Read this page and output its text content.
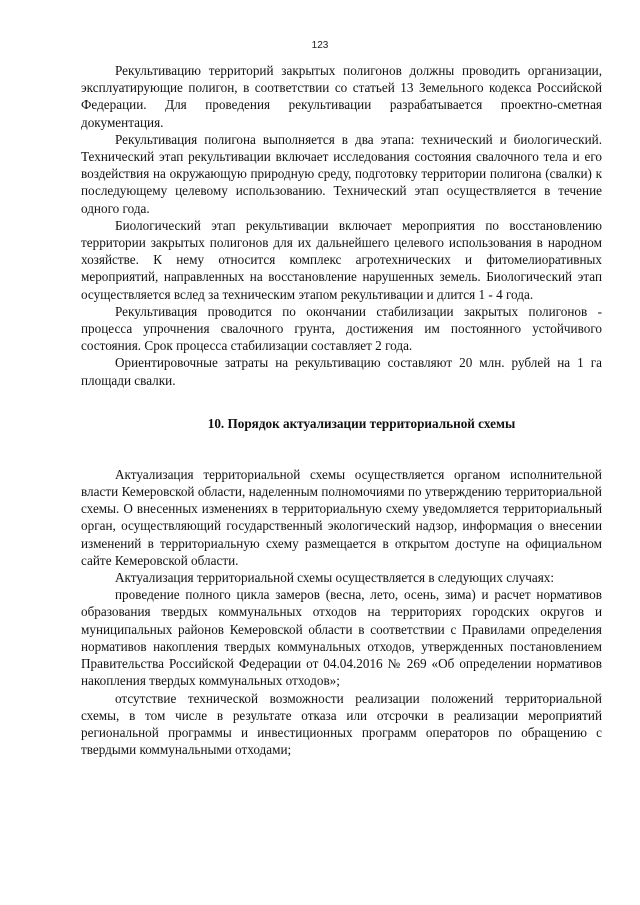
123

Рекультивацию территорий закрытых полигонов должны проводить организации, эксплуатирующие полигон, в соответствии со статьей 13 Земельного кодекса Российской Федерации. Для проведения рекультивации разрабатывается проектно-сметная документация.

Рекультивация полигона выполняется в два этапа: технический и биологический. Технический этап рекультивации включает исследования состояния свалочного тела и его воздействия на окружающую природную среду, подготовку территории полигона (свалки) к последующему целевому использованию. Технический этап осуществляется в течение одного года.

Биологический этап рекультивации включает мероприятия по восстановлению территории закрытых полигонов для их дальнейшего целевого использования в народном хозяйстве. К нему относится комплекс агротехнических и фитомелиоративных мероприятий, направленных на восстановление нарушенных земель. Биологический этап осуществляется вслед за техническим этапом рекультивации и длится 1 - 4 года.

Рекультивация проводится по окончании стабилизации закрытых полигонов - процесса упрочнения свалочного грунта, достижения им постоянного устойчивого состояния. Срок процесса стабилизации составляет 2 года.

Ориентировочные затраты на рекультивацию составляют 20 млн. рублей на 1 га площади свалки.

10. Порядок актуализации территориальной схемы

Актуализация территориальной схемы осуществляется органом исполнительной власти Кемеровской области, наделенным полномочиями по утверждению территориальной схемы. О внесенных изменениях в территориальную схему уведомляется территориальный орган, осуществляющий государственный экологический надзор, информация о внесении изменений в территориальную схему размещается в открытом доступе на официальном сайте Кемеровской области.

Актуализация территориальной схемы осуществляется в следующих случаях:

проведение полного цикла замеров (весна, лето, осень, зима) и расчет нормативов образования твердых коммунальных отходов на территориях городских округов и муниципальных районов Кемеровской области в соответствии с Правилами определения нормативов накопления твердых коммунальных отходов, утвержденных постановлением Правительства Российской Федерации от 04.04.2016 № 269 «Об определении нормативов накопления твердых коммунальных отходов»;

отсутствие технической возможности реализации положений территориальной схемы, в том числе в результате отказа или отсрочки в реализации мероприятий региональной программы и инвестиционных программ операторов по обращению с твердыми коммунальными отходами;
